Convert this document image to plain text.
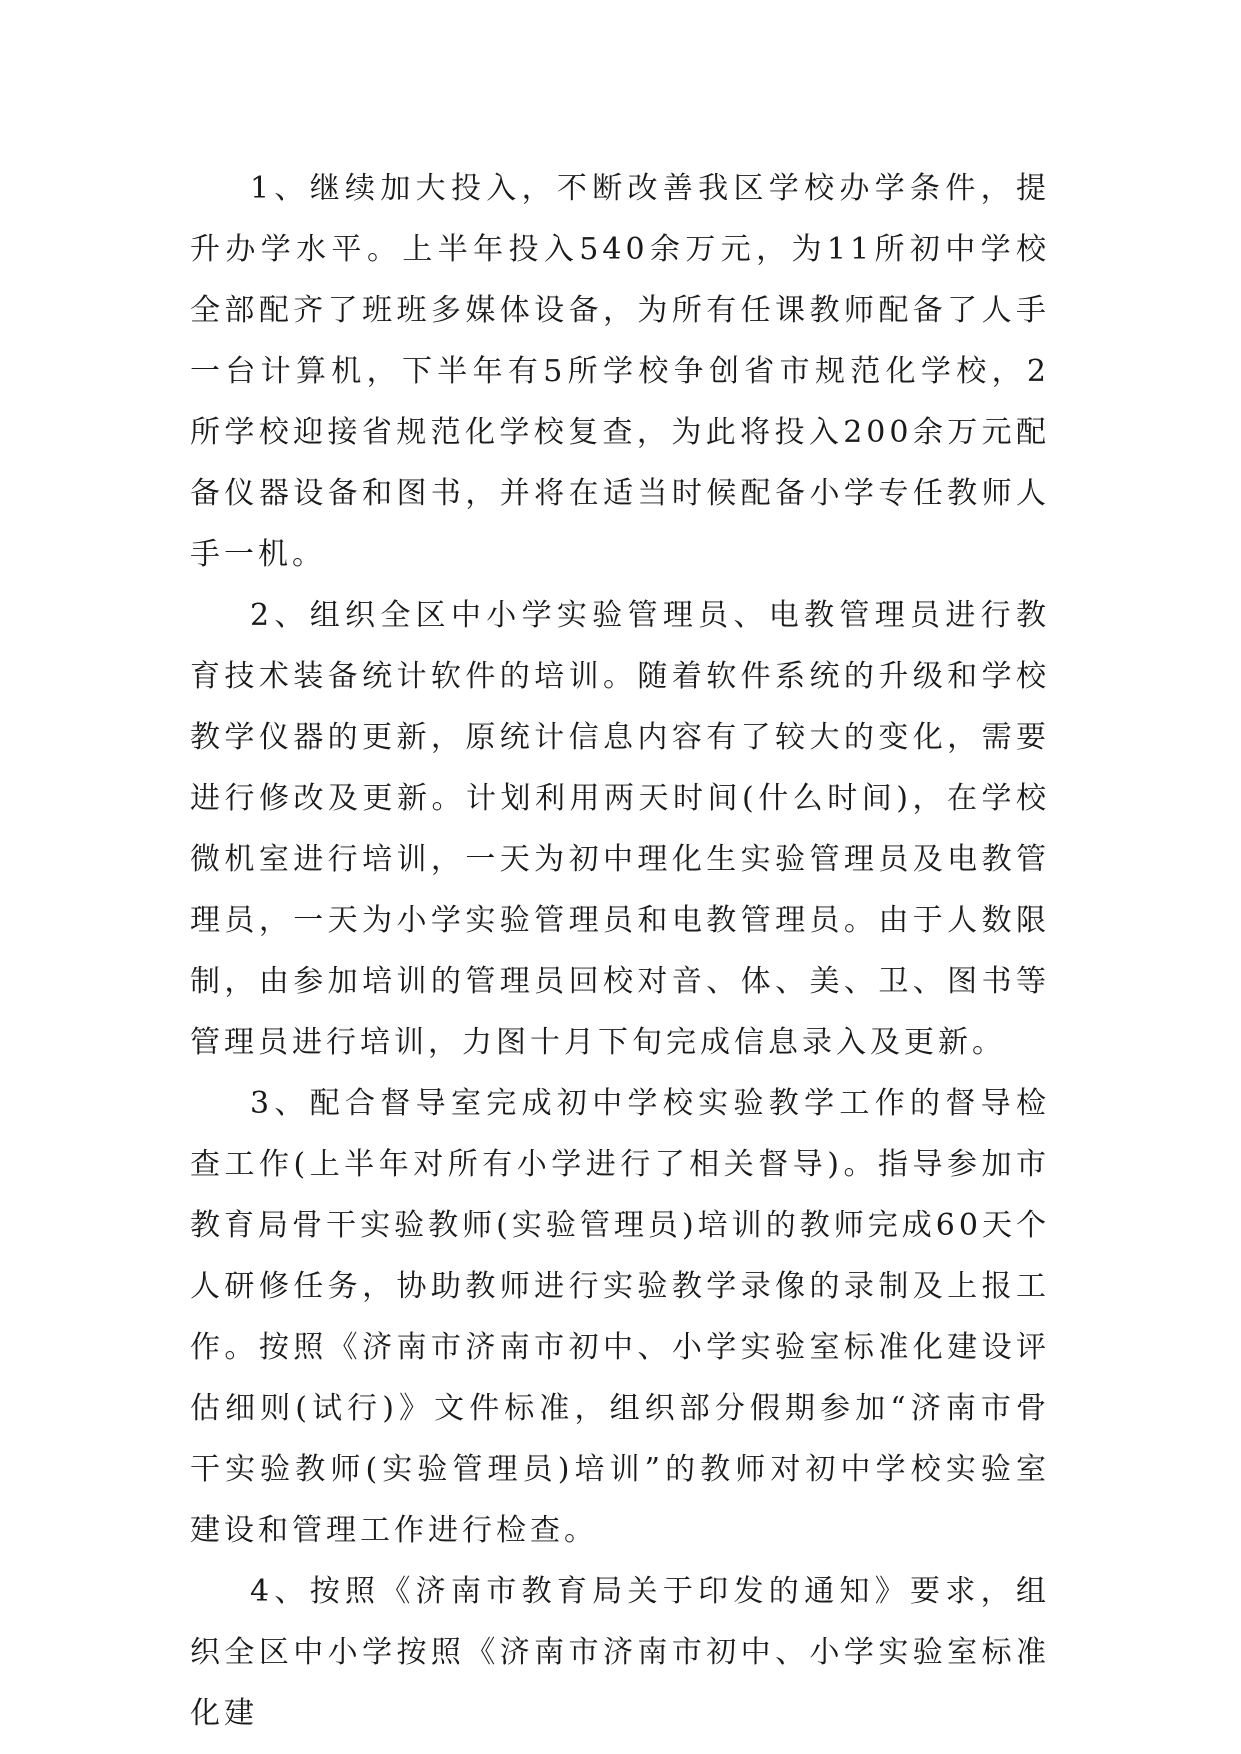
1、继续加大投入，不断改善我区学校办学条件，提升办学水平。上半年投入540余万元，为11所初中学校全部配齐了班班多媒体设备，为所有任课教师配备了人手一台计算机，下半年有5所学校争创省市规范化学校，2所学校迎接省规范化学校复查，为此将投入200余万元配备仪器设备和图书，并将在适当时候配备小学专任教师人手一机。

2、组织全区中小学实验管理员、电教管理员进行教育技术装备统计软件的培训。随着软件系统的升级和学校教学仪器的更新，原统计信息内容有了较大的变化，需要进行修改及更新。计划利用两天时间(什么时间)，在学校微机室进行培训，一天为初中理化生实验管理员及电教管理员，一天为小学实验管理员和电教管理员。由于人数限制，由参加培训的管理员回校对音、体、美、卫、图书等管理员进行培训，力图十月下旬完成信息录入及更新。

3、配合督导室完成初中学校实验教学工作的督导检查工作(上半年对所有小学进行了相关督导)。指导参加市教育局骨干实验教师(实验管理员)培训的教师完成60天个人研修任务，协助教师进行实验教学录像的录制及上报工作。按照《济南市济南市初中、小学实验室标准化建设评估细则(试行)》文件标准，组织部分假期参加“济南市骨干实验教师(实验管理员)培训”的教师对初中学校实验室建设和管理工作进行检查。

4、按照《济南市教育局关于印发的通知》要求，组织全区中小学按照《济南市济南市初中、小学实验室标准化建
